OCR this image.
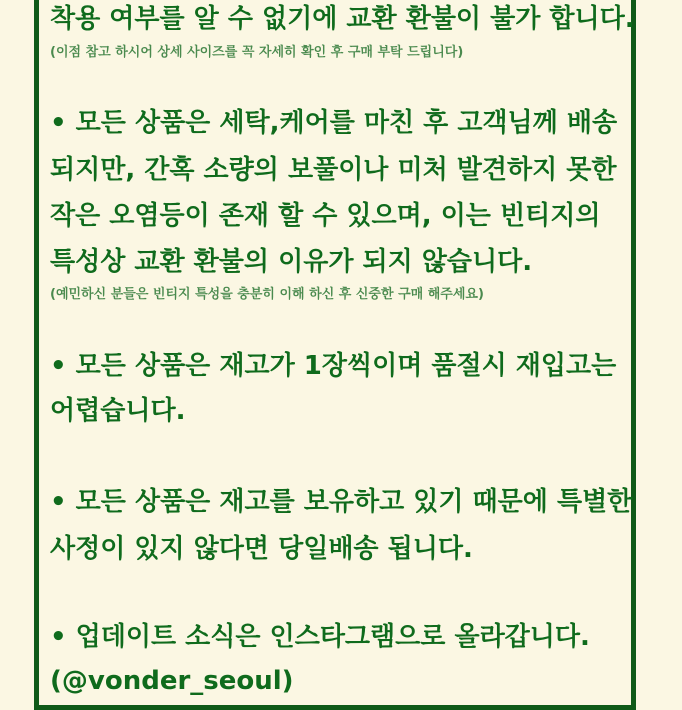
착용 여부를 알 수 없기에 교환 환불이 불가 합니다.
(이점 참고 하시어 상세 사이즈를 꼭 자세히 확인 후 구매 부탁 드립니다)
• 모든 상품은 세탁,케어를 마친 후 고객님께 배송
되지만, 간혹 소량의 보풀이나 미처 발견하지 못한
작은 오염등이 존재 할 수 있으며, 이는 빈티지의
특성상 교환 환불의 이유가 되지 않습니다.
(예민하신 분들은 빈티지 특성을 충분히 이해 하신 후 신중한 구매 해주세요)
• 모든 상품은 재고가 1장씩이며 품절시 재입고는
어렵습니다.
• 모든 상품은 재고를 보유하고 있기 때문에 특별한
사정이 있지 않다면 당일배송 됩니다.
• 업데이트 소식은 인스타그램으로 올라갑니다.
(@vonder_seoul)
